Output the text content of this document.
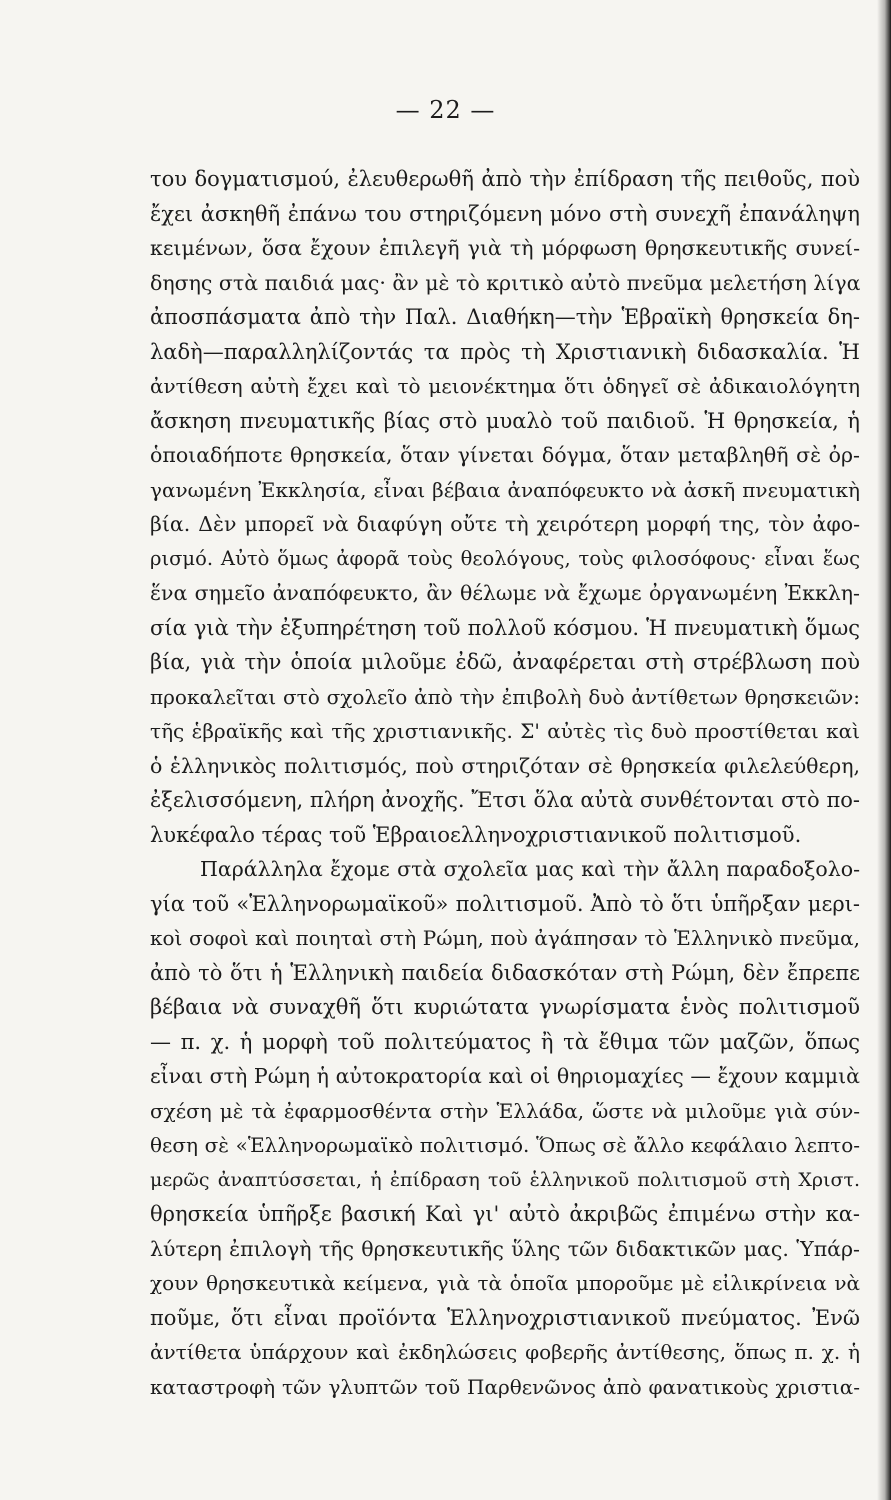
— 22 —
του δογματισμού, ἐλευθερωθῆ ἀπὸ τὴν ἐπίδραση τῆς πειθοῦς, ποὺ
ἔχει ἀσκηθῆ ἐπάνω του στηριζόμενη μόνο στὴ συνεχῆ ἐπανάληψη
κειμένων, ὅσα ἔχουν ἐπιλεγῆ γιὰ τὴ μόρφωση θρησκευτικῆς συνεί-
δησης στὰ παιδιά μας· ἂν μὲ τὸ κριτικὸ αὐτὸ πνεῦμα μελετήση λίγα
ἀποσπάσματα ἀπὸ τὴν Παλ. Διαθήκη—τὴν Ἑβραϊκὴ θρησκεία δη-
λαδὴ—παραλληλίζοντάς τα πρὸς τὴ Χριστιανικὴ διδασκαλία. Ἡ
ἀντίθεση αὐτὴ ἔχει καὶ τὸ μειονέκτημα ὅτι ὁδηγεῖ σὲ ἀδικαιολόγητη
ἄσκηση πνευματικῆς βίας στὸ μυαλὸ τοῦ παιδιοῦ. Ἡ θρησκεία, ἡ
ὁποιαδήποτε θρησκεία, ὅταν γίνεται δόγμα, ὅταν μεταβληθῆ σὲ ὀρ-
γανωμένη Ἐκκλησία, εἶναι βέβαια ἀναπόφευκτο νὰ ἀσκῆ πνευματικὴ
βία. Δὲν μπορεῖ νὰ διαφύγη οὔτε τὴ χειρότερη μορφή της, τὸν ἀφο-
ρισμό. Αὐτὸ ὅμως ἀφορᾶ τοὺς θεολόγους, τοὺς φιλοσόφους· εἶναι ἕως
ἕνα σημεῖο ἀναπόφευκτο, ἂν θέλωμε νὰ ἔχωμε ὀργανωμένη Ἐκκλη-
σία γιὰ τὴν ἐξυπηρέτηση τοῦ πολλοῦ κόσμου. Ἡ πνευματικὴ ὅμως
βία, γιὰ τὴν ὁποία μιλοῦμε ἐδῶ, ἀναφέρεται στὴ στρέβλωση ποὺ
προκαλεῖται στὸ σχολεῖο ἀπὸ τὴν ἐπιβολὴ δυὸ ἀντίθετων θρησκειῶν:
τῆς ἑβραϊκῆς καὶ τῆς χριστιανικῆς. Σ' αὐτὲς τὶς δυὸ προστίθεται καὶ
ὁ ἑλληνικὸς πολιτισμός, ποὺ στηριζόταν σὲ θρησκεία φιλελεύθερη,
ἐξελισσόμενη, πλήρη ἀνοχῆς. Ἔτσι ὅλα αὐτὰ συνθέτονται στὸ πο-
λυκέφαλο τέρας τοῦ Ἑβραιοελληνοχριστιανικοῦ πολιτισμοῦ.
Παράλληλα ἔχομε στὰ σχολεῖα μας καὶ τὴν ἄλλη παραδοξολο-
γία τοῦ «Ἑλληνορωμαϊκοῦ» πολιτισμοῦ. Ἀπὸ τὸ ὅτι ὑπῆρξαν μερι-
κοὶ σοφοὶ καὶ ποιηταὶ στὴ Ρώμη, ποὺ ἀγάπησαν τὸ Ἑλληνικὸ πνεῦμα,
ἀπὸ τὸ ὅτι ἡ Ἑλληνικὴ παιδεία διδασκόταν στὴ Ρώμη, δὲν ἔπρεπε
βέβαια νὰ συναχθῆ ὅτι κυριώτατα γνωρίσματα ἑνὸς πολιτισμοῦ
— π. χ. ἡ μορφὴ τοῦ πολιτεύματος ἢ τὰ ἔθιμα τῶν μαζῶν, ὅπως
εἶναι στὴ Ρώμη ἡ αὐτοκρατορία καὶ οἱ θηριομαχίες — ἔχουν καμμιὰ
σχέση μὲ τὰ ἐφαρμοσθέντα στὴν Ἑλλάδα, ὥστε νὰ μιλοῦμε γιὰ σύν-
θεση σὲ «Ἑλληνορωμαϊκὸ πολιτισμό. Ὅπως σὲ ἄλλο κεφάλαιο λεπτο-
μερῶς ἀναπτύσσεται, ἡ ἐπίδραση τοῦ ἑλληνικοῦ πολιτισμοῦ στὴ Χριστ.
θρησκεία ὑπῆρξε βασική Καὶ γι' αὐτὸ ἀκριβῶς ἐπιμένω στὴν κα-
λύτερη ἐπιλογὴ τῆς θρησκευτικῆς ὕλης τῶν διδακτικῶν μας. Ὑπάρ-
χουν θρησκευτικὰ κείμενα, γιὰ τὰ ὁποῖα μποροῦμε μὲ εἰλικρίνεια νὰ
ποῦμε, ὅτι εἶναι προϊόντα Ἑλληνοχριστιανικοῦ πνεύματος. Ἐνῶ
ἀντίθετα ὑπάρχουν καὶ ἐκδηλώσεις φοβερῆς ἀντίθεσης, ὅπως π. χ. ἡ
καταστροφὴ τῶν γλυπτῶν τοῦ Παρθενῶνος ἀπὸ φανατικοὺς χριστια-
